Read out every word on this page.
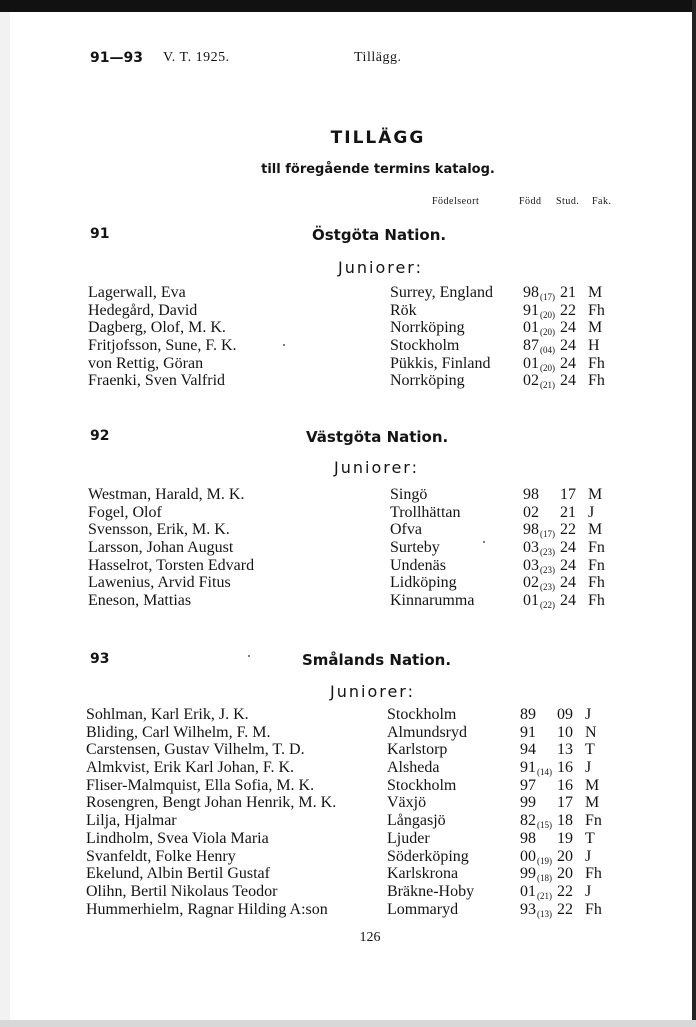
91—93 V. T. 1925.	Tillägg.
TILLÄGG
till föregående termins katalog.
Födelseort	Född Stud. Fak.
91	Östgöta Nation.
Juniorer:
Lagerwall, Eva	Surrey, England 98 (17) 21 M
Hedegård, David	Rök	91 (20) 22 Fh
Dagberg, Olof, M. K.	Norrköping	01 (20) 24 M
Fritjofsson, Sune, F. K.	Stockholm	87 (04) 24 H
von Rettig, Göran	Pükkis, Finland 01 (20) 24 Fh
Fraenki, Sven Valfrid	Norrköping	02 (21) 24 Fh
92	Västgöta Nation.
Juniorer:
Westman, Harald, M. K.	Singö	98 17 M
Fogel, Olof	Trollhättan	02 21 J
Svensson, Erik, M. K.	Ofva	98 (17) 22 M
Larsson, Johan August	Surteby	03 (23) 24 Fn
Hasselrot, Torsten Edvard	Undenäs	03 (23) 24 Fn
Lawenius, Arvid Fitus	Lidköping	02 (23) 24 Fh
Eneson, Mattias	Kinnarumma	01 (22) 24 Fh
93	Smålands Nation.
Juniorer:
Sohlman, Karl Erik, J. K.	Stockholm	89 09 J
Bliding, Carl Wilhelm, F. M.	Almundsryd	91 10 N
Carstensen, Gustav Vilhelm, T. D.	Karlstorp	94 13 T
Almkvist, Erik Karl Johan, F. K.	Alsheda	91 (14) 16 J
Fliser-Malmquist, Ella Sofia, M. K.	Stockholm	97 16 M
Rosengren, Bengt Johan Henrik, M. K.	Växjö	99 17 M
Lilja, Hjalmar	Långasjö	82 (15) 18 Fn
Lindholm, Svea Viola Maria	Ljuder	98 19 T
Svanfeldt, Folke Henry	Söderköping	00 (19) 20 J
Ekelund, Albin Bertil Gustaf	Karlskrona	99 (18) 20 Fh
Olihn, Bertil Nikolaus Teodor	Bräkne-Hoby	01 (21) 22 J
Hummerhielm, Ragnar Hilding A:son	Lommaryd	93 (13) 22 Fh
126
